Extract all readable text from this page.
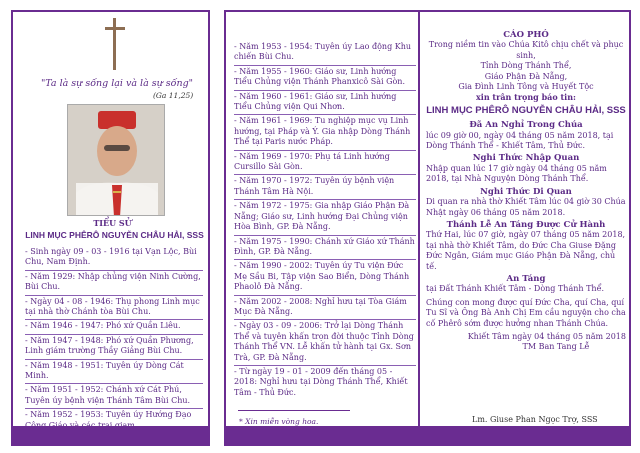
"Ta là sự sống lại và là sự sống"
(Ga 11,25)
TIỂU SỬ
LINH MỤC PHÊRÔ NGUYỄN CHÂU HẢI, SSS
- Sinh ngày 09 - 03 - 1916 tại Vạn Lộc, Bùi Chu, Nam Định.
- Năm 1929: Nhập chủng viện Ninh Cường, Bùi Chu.
- Ngày 04 - 08 - 1946: Thụ phong Linh mục tại nhà thờ Chánh tòa Bùi Chu.
- Năm 1946 - 1947: Phó xứ Quần Liêu.
- Năm 1947 - 1948: Phó xứ Quần Phương, Linh giám trường Thầy Giảng Bùi Chu.
- Năm 1948 - 1951: Tuyên úy Dòng Cát Minh.
- Năm 1951 - 1952: Chánh xứ Cát Phú, Tuyên úy bệnh viện Thánh Tâm Bùi Chu.
- Năm 1952 - 1953: Tuyên úy Hướng Đạo
- Năm 1953 - 1954: Tuyên úy Lao động Khu chiến Bùi Chu.
- Năm 1955 - 1960: Giáo sư, Linh hướng Tiểu Chủng viện Thánh Phanxicô Sài Gòn.
- Năm 1960 - 1961: Giáo sư, Linh hướng Tiểu Chủng viện Qui Nhơn.
- Năm 1961 - 1969: Tu nghiệp mục vụ Linh hướng, tại Pháp và Ý. Gia nhập Dòng Thánh Thể tại Paris nước Pháp.
- Năm 1969 - 1970: Phụ tá Linh hướng Cursillo Sài Gòn.
- Năm 1970 - 1972: Tuyên úy bệnh viện Thánh Tâm Hà Nội.
- Năm 1972 - 1975: Gia nhập Giáo Phận Đà Nẵng; Giáo sư, Linh hướng Đại Chủng viện Hòa Bình, GP. Đà Nẵng.
- Năm 1975 - 1990: Chánh xứ Giáo xứ Thánh Đình, GP. Đà Nẵng.
- Năm 1990 - 2002: Tuyên úy Tu viện Đức Mẹ Sầu Bi, Tập viện Sao Biển, Dòng Thánh Phaolô Đà Nẵng.
- Năm 2002 - 2008: Nghỉ hưu tại Tòa Giám Mục Đà Nẵng.
- Ngày 03 - 09 - 2006: Trở lại Dòng Thánh Thể và tuyên khấn trọn đời thuộc Tỉnh Dòng Thánh Thể VN. Lễ khấn tử hành tại Gx. Sơn Trà, GP. Đà Nẵng.
- Từ ngày 19 - 01 - 2009 đến tháng 05 - 2018: Nghỉ hưu tại Dòng Thánh Thể, Khiết Tâm - Thủ Đức.
* Xin miễn vòng hoa.
CÁO PHÓ
Trong niềm tin vào Chúa Kitô chịu chết và phục sinh,
Tỉnh Dòng Thánh Thể,
Giáo Phận Đà Nẵng,
Gia Đình Linh Tông và Huyết Tộc
xin trân trọng báo tin:
LINH MỤC PHÊRÔ NGUYỄN CHÂU HẢI, SSS
Đã An Nghỉ Trong Chúa
lúc 09 giờ 00, ngày 04 tháng 05 năm 2018, tại Dòng Thánh Thể - Khiết Tâm, Thủ Đức.
Nghi Thức Nhập Quan
Nhập quan lúc 17 giờ ngày 04 tháng 05 năm 2018, tại Nhà Nguyện Dòng Thánh Thể.
Nghi Thức Di Quan
Di quan ra nhà thờ Khiết Tâm lúc 04 giờ 30 Chúa Nhật ngày 06 tháng 05 năm 2018.
Thánh Lễ An Táng Được Cử Hành
Thứ Hai, lúc 07 giờ, ngày 07 tháng 05 năm 2018, tại nhà thờ Khiết Tâm, do Đức Cha Giuse Đặng Đức Ngân, Giám mục Giáo Phận Đà Nẵng, chủ tế.
An Táng
tại Đất Thánh Khiết Tâm - Dòng Thánh Thể.
Chúng con mong được quí Đức Cha, quí Cha, quí Tu Sĩ và Ông Bà Anh Chị Em cầu nguyện cho cha cố Phêrô sớm được hưởng nhan Thánh Chúa.
Khiết Tâm ngày 04 tháng 05 năm 2018
TM Ban Tang Lễ
Lm. Giuse Phan Ngọc Trợ, SSS
